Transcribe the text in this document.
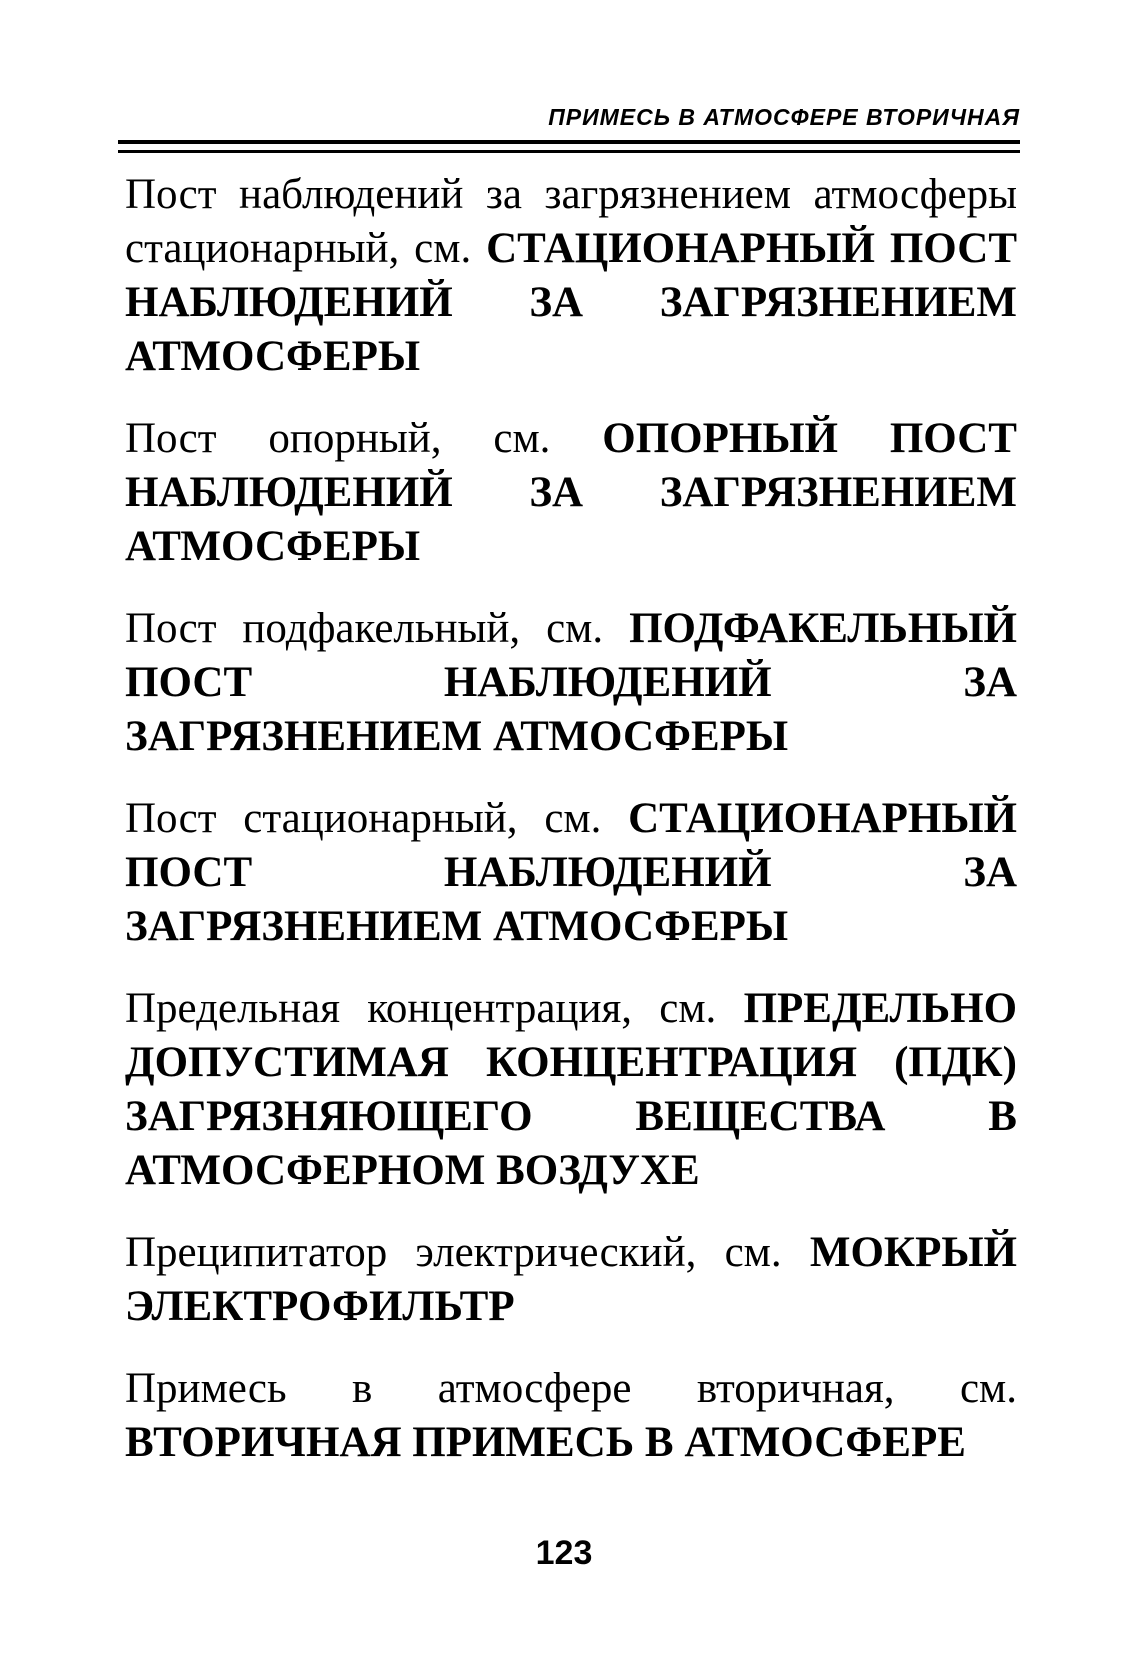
ПРИМЕСЬ В АТМОСФЕРЕ ВТОРИЧНАЯ

Пост наблюдений за загрязнением атмосферы стационарный, см. СТАЦИОНАРНЫЙ ПОСТ НАБЛЮДЕНИЙ ЗА ЗАГРЯЗНЕНИЕМ АТМОСФЕРЫ

Пост опорный, см. ОПОРНЫЙ ПОСТ НАБЛЮДЕНИЙ ЗА ЗАГРЯЗНЕНИЕМ АТМОСФЕРЫ

Пост подфакельный, см. ПОДФАКЕЛЬНЫЙ ПОСТ НАБЛЮДЕНИЙ ЗА ЗАГРЯЗНЕНИЕМ АТМОСФЕРЫ

Пост стационарный, см. СТАЦИОНАРНЫЙ ПОСТ НАБЛЮДЕНИЙ ЗА ЗАГРЯЗНЕНИЕМ АТМОСФЕРЫ

Предельная концентрация, см. ПРЕДЕЛЬНО ДОПУСТИМАЯ КОНЦЕНТРАЦИЯ (ПДК) ЗАГРЯЗНЯЮЩЕГО ВЕЩЕСТВА В АТМОСФЕРНОМ ВОЗДУХЕ

Преципитатор электрический, см. МОКРЫЙ ЭЛЕКТРОФИЛЬТР

Примесь в атмосфере вторичная, см. ВТОРИЧНАЯ ПРИМЕСЬ В АТМОСФЕРЕ

123
